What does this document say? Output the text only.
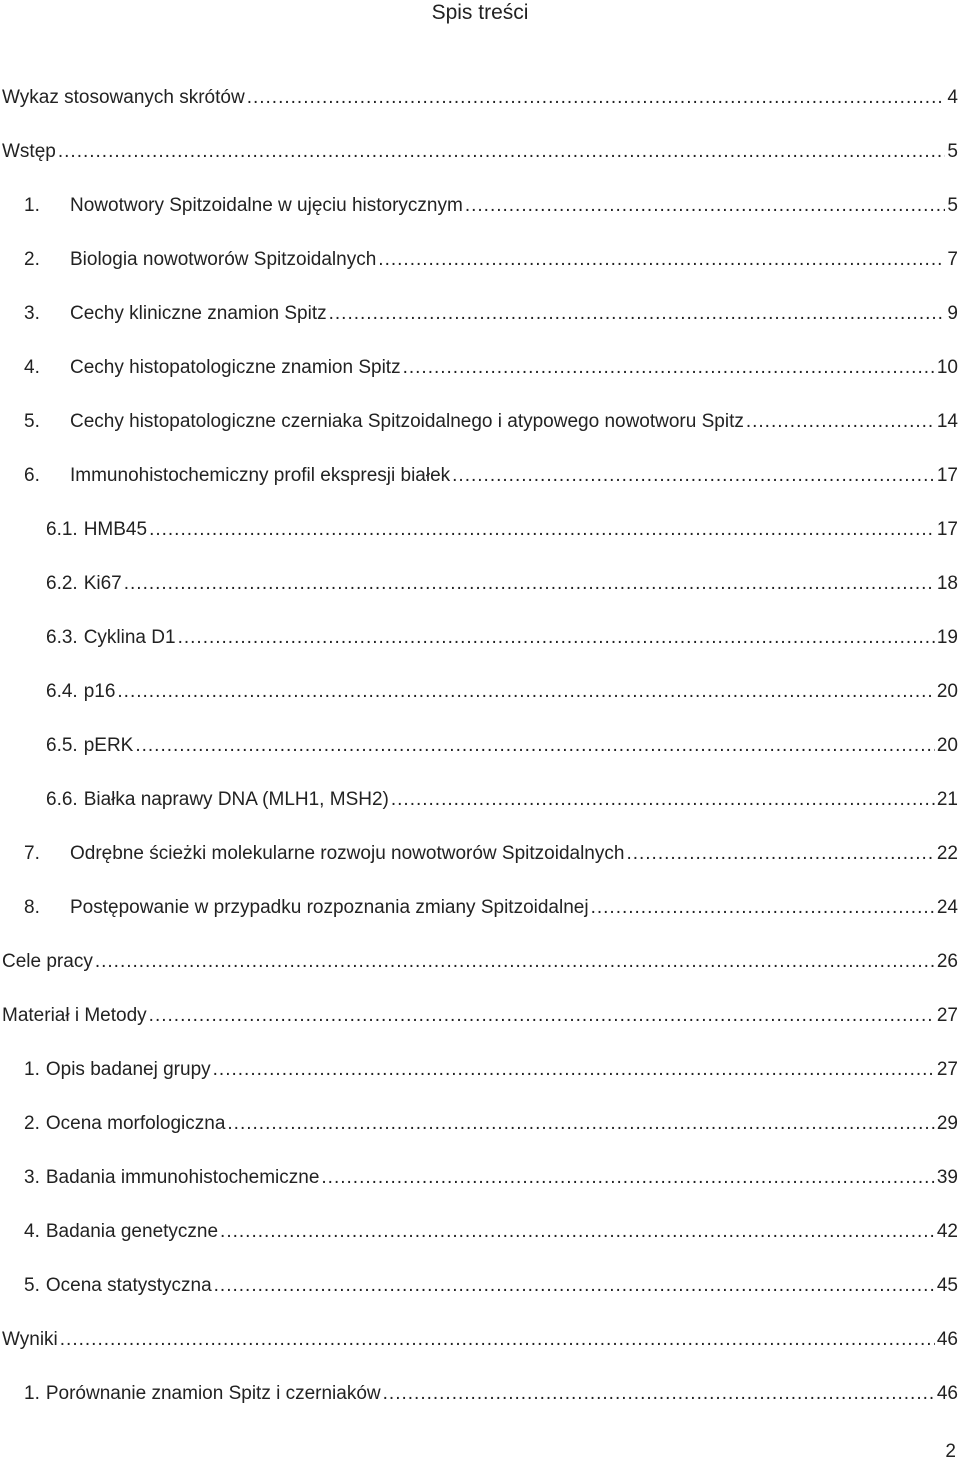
Spis treści
Wykaz stosowanych skrótów .....	4
Wstęp .....	5
1.	Nowotwory Spitzoidalne w ujęciu historycznym .....	5
2.	Biologia nowotworów Spitzoidalnych .....	7
3.	Cechy kliniczne znamion Spitz .....	9
4.	Cechy histopatologiczne znamion Spitz .....	10
5.	Cechy histopatologiczne czerniaka Spitzoidalnego i atypowego nowotworu Spitz .....	14
6.	Immunohistochemiczny profil ekspresji białek .....	17
6.1. HMB45 .....	17
6.2. Ki67 .....	18
6.3. Cyklina D1 .....	19
6.4. p16 .....	20
6.5. pERK .....	20
6.6. Białka naprawy DNA (MLH1, MSH2) .....	21
7.	Odrębne ścieżki molekularne rozwoju nowotworów Spitzoidalnych .....	22
8.	Postępowanie w przypadku rozpoznania zmiany Spitzoidalnej .....	24
Cele pracy .....	26
Materiał i Metody .....	27
1. Opis badanej grupy .....	27
2. Ocena morfologiczna .....	29
3. Badania immunohistochemiczne .....	39
4. Badania genetyczne .....	42
5. Ocena statystyczna .....	45
Wyniki .....	46
1. Porównanie znamion Spitz i czerniaków .....	46
2
